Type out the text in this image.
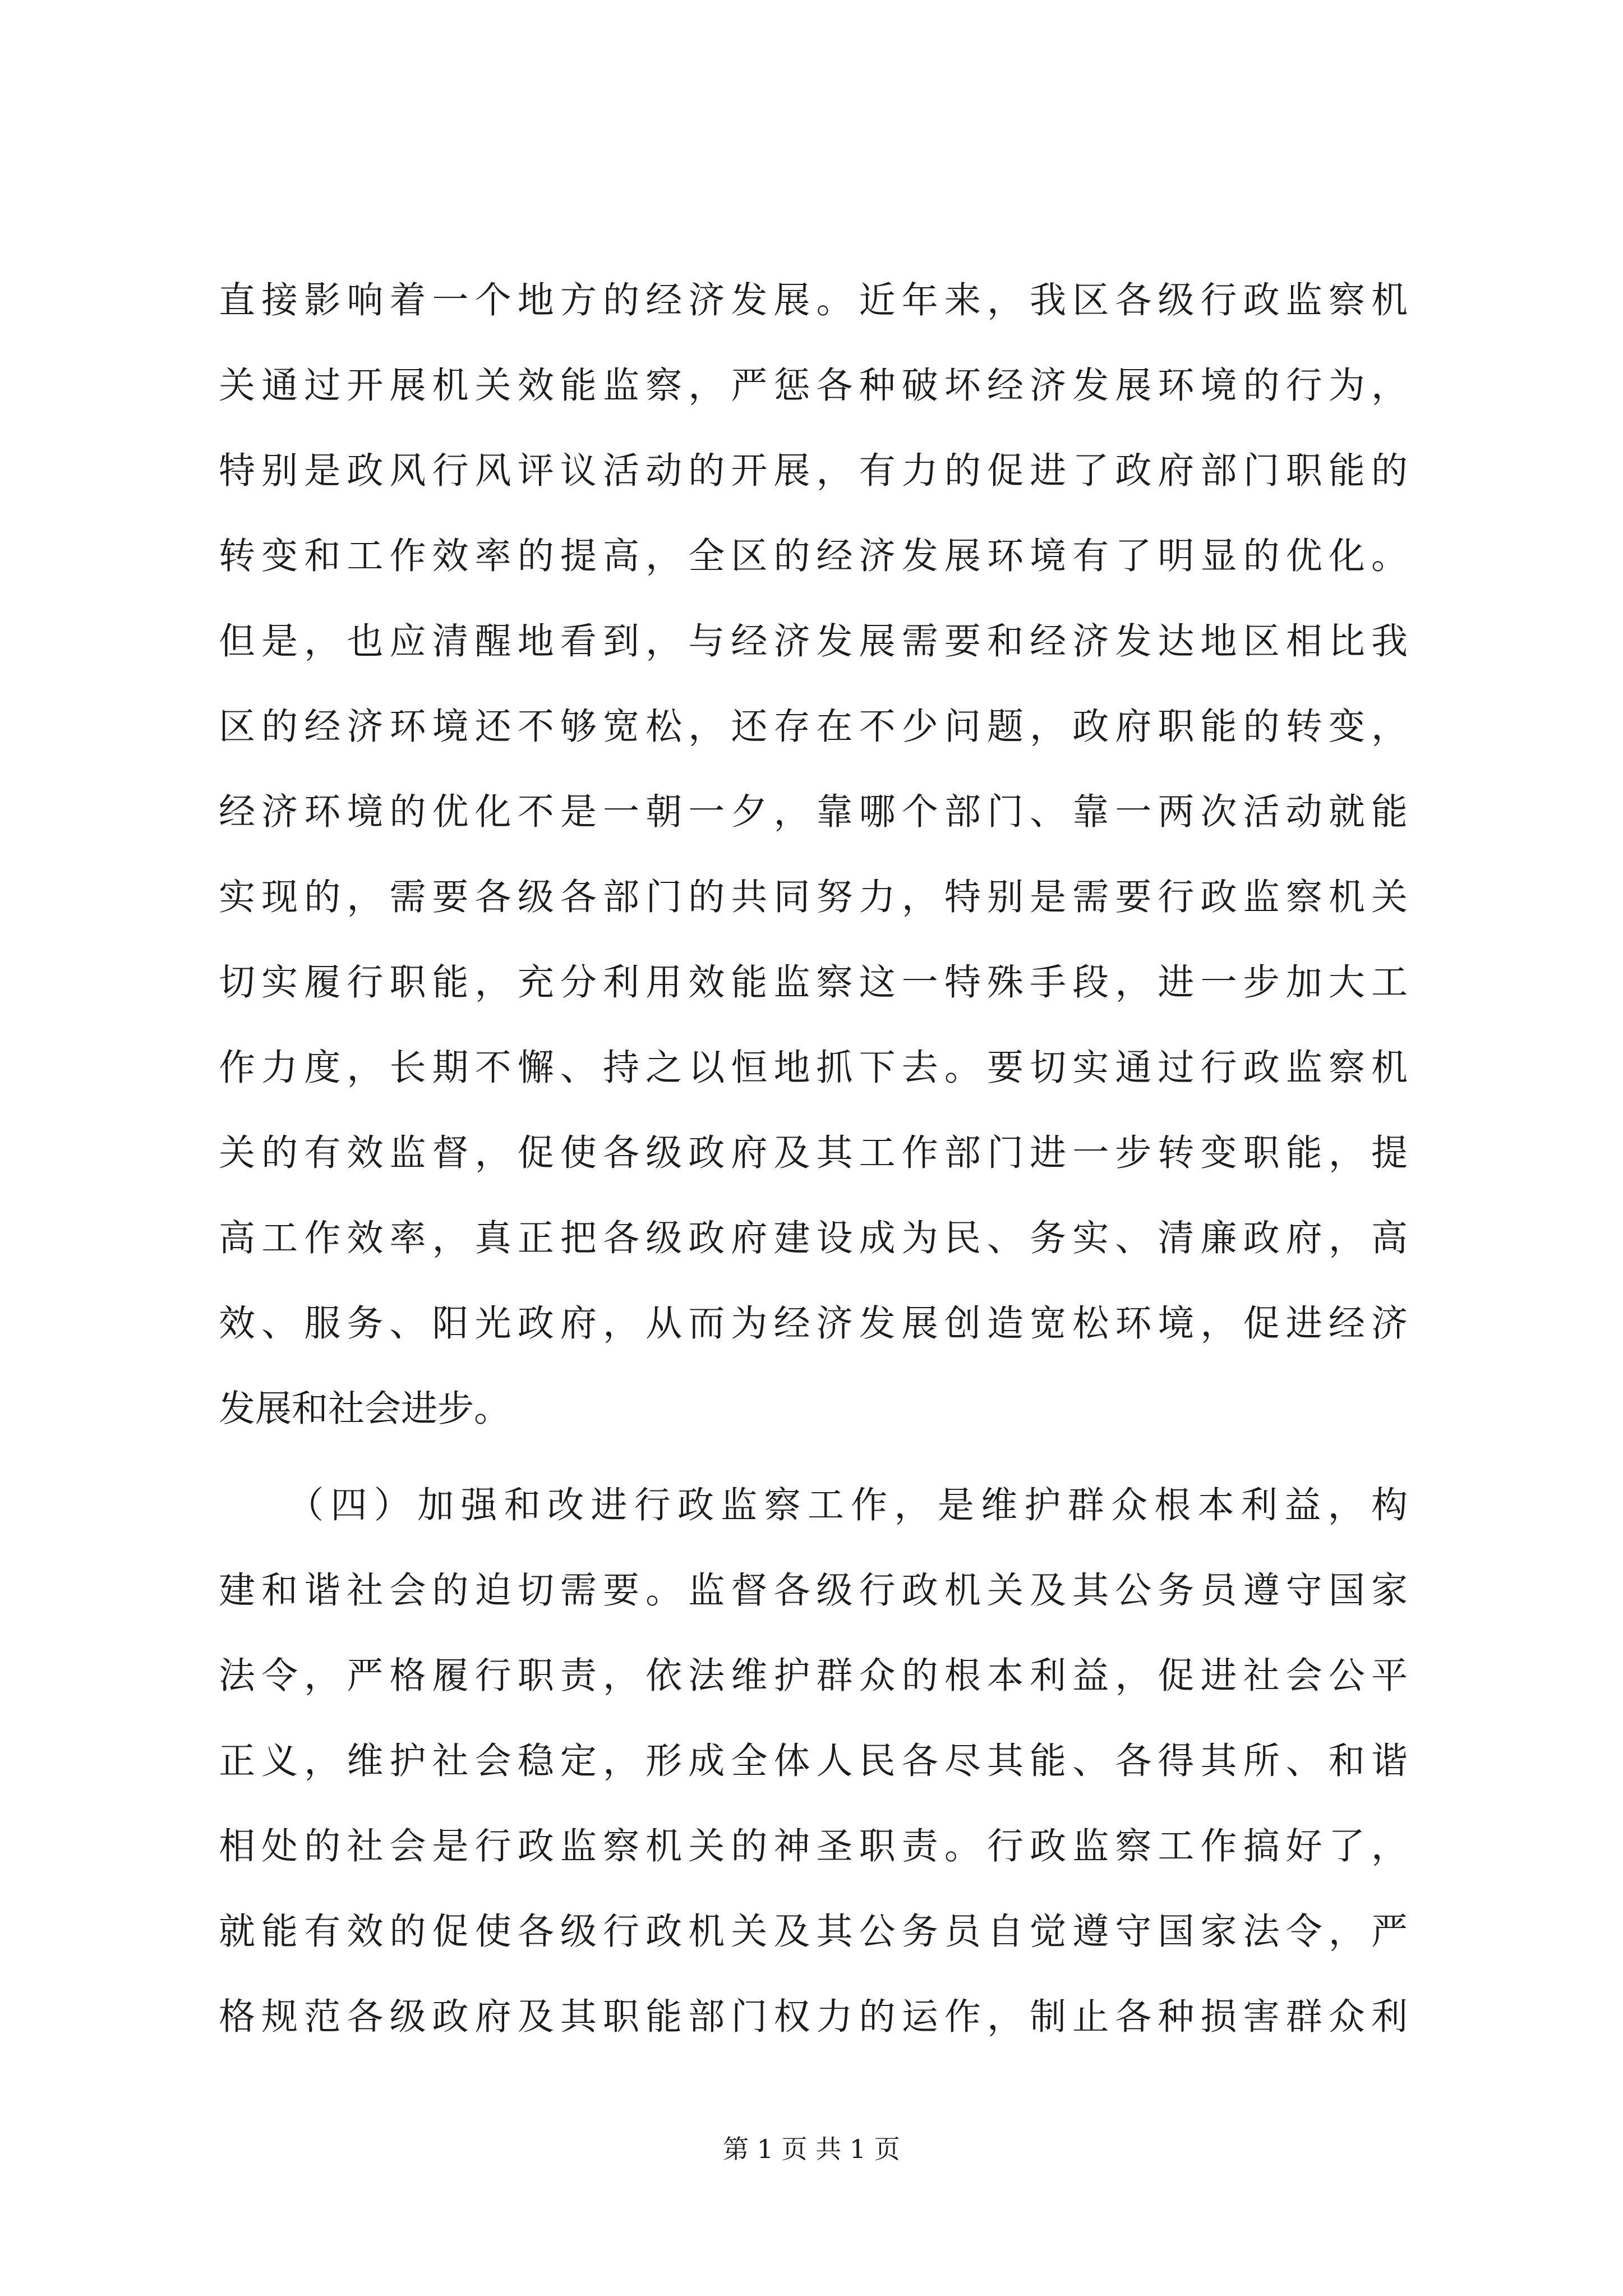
直接影响着一个地方的经济发展。近年来，我区各级行政监察机
关通过开展机关效能监察，严惩各种破坏经济发展环境的行为，
特别是政风行风评议活动的开展，有力的促进了政府部门职能的
转变和工作效率的提高，全区的经济发展环境有了明显的优化。
但是，也应清醒地看到，与经济发展需要和经济发达地区相比我
区的经济环境还不够宽松，还存在不少问题，政府职能的转变，
经济环境的优化不是一朝一夕，靠哪个部门、靠一两次活动就能
实现的，需要各级各部门的共同努力，特别是需要行政监察机关
切实履行职能，充分利用效能监察这一特殊手段，进一步加大工
作力度，长期不懈、持之以恒地抓下去。要切实通过行政监察机
关的有效监督，促使各级政府及其工作部门进一步转变职能，提
高工作效率，真正把各级政府建设成为民、务实、清廉政府，高
效、服务、阳光政府，从而为经济发展创造宽松环境，促进经济
发展和社会进步。
　　（四）加强和改进行政监察工作，是维护群众根本利益，构
建和谐社会的迫切需要。监督各级行政机关及其公务员遵守国家
法令，严格履行职责，依法维护群众的根本利益，促进社会公平
正义，维护社会稳定，形成全体人民各尽其能、各得其所、和谐
相处的社会是行政监察机关的神圣职责。行政监察工作搞好了，
就能有效的促使各级行政机关及其公务员自觉遵守国家法令，严
格规范各级政府及其职能部门权力的运作，制止各种损害群众利
第 1 页 共 1 页
